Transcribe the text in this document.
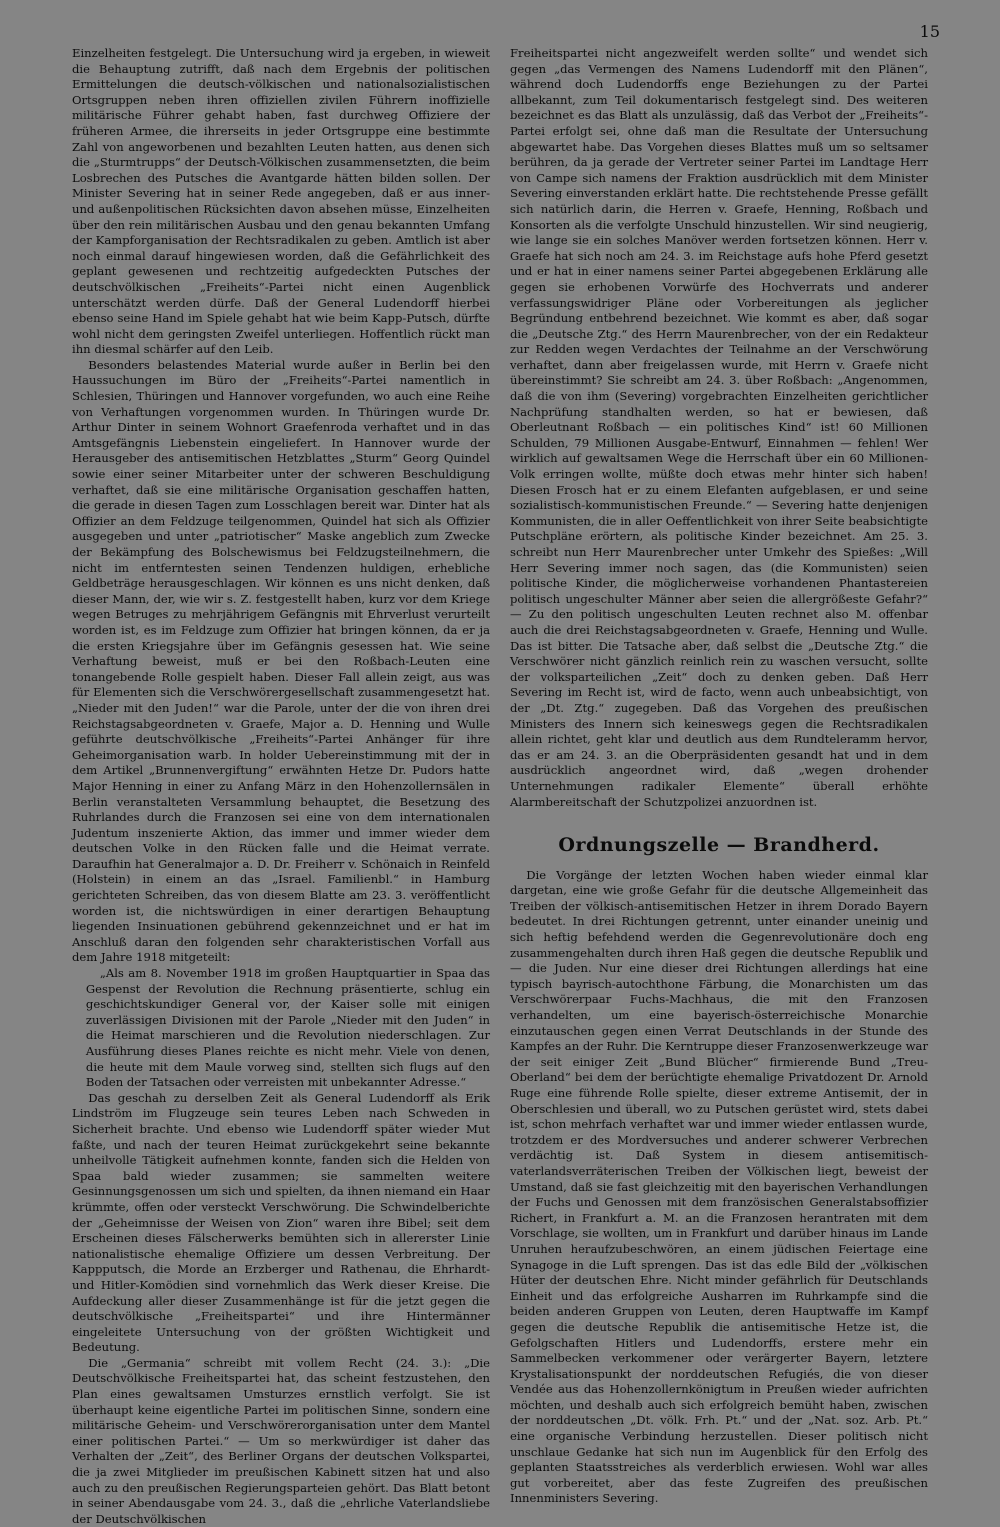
15

Einzelheiten festgelegt. Die Untersuchung wird ja ergeben, in wieweit die Behauptung zutrifft, daß nach dem Ergebnis der politischen Ermittelungen die deutsch-völkischen und nationalsozialistischen Ortsgruppen neben ihren offiziellen zivilen Führern inoffizielle militärische Führer gehabt haben, fast durchweg Offiziere der früheren Armee, die ihrerseits in jeder Ortsgruppe eine bestimmte Zahl von angeworbenen und bezahlten Leuten hatten, aus denen sich die „Sturmtrupps“ der Deutsch-Völkischen zusammensetzten, die beim Losbrechen des Putsches die Avantgarde hätten bilden sollen. Der Minister Severing hat in seiner Rede angegeben, daß er aus inner- und außenpolitischen Rücksichten davon absehen müsse, Einzelheiten über den rein militärischen Ausbau und den genau bekannten Umfang der Kampforganisation der Rechtsradikalen zu geben. Amtlich ist aber noch einmal darauf hingewiesen worden, daß die Gefährlichkeit des geplant gewesenen und rechtzeitig aufgedeckten Putsches der deutschvölkischen „Freiheits“-Partei nicht einen Augenblick unterschätzt werden dürfe. Daß der General Ludendorff hierbei ebenso seine Hand im Spiele gehabt hat wie beim Kapp-Putsch, dürfte wohl nicht dem geringsten Zweifel unterliegen. Hoffentlich rückt man ihn diesmal schärfer auf den Leib.

Besonders belastendes Material wurde außer in Berlin bei den Haussuchungen im Büro der „Freiheits“-Partei namentlich in Schlesien, Thüringen und Hannover vorgefunden, wo auch eine Reihe von Verhaftungen vorgenommen wurden. In Thüringen wurde Dr. Arthur Dinter in seinem Wohnort Graefenroda verhaftet und in das Amtsgefängnis Liebenstein eingeliefert. In Hannover wurde der Herausgeber des antisemitischen Hetzblattes „Sturm“ Georg Quindel sowie einer seiner Mitarbeiter unter der schweren Beschuldigung verhaftet, daß sie eine militärische Organisation geschaffen hatten, die gerade in diesen Tagen zum Losschlagen bereit war. Dinter hat als Offizier an dem Feldzuge teilgenommen, Quindel hat sich als Offizier ausgegeben und unter „patriotischer“ Maske angeblich zum Zwecke der Bekämpfung des Bolschewismus bei Feldzugsteilnehmern, die nicht im entferntesten seinen Tendenzen huldigen, erhebliche Geldbeträge herausgeschlagen. Wir können es uns nicht denken, daß dieser Mann, der, wie wir s. Z. festgestellt haben, kurz vor dem Kriege wegen Betruges zu mehrjährigem Gefängnis mit Ehrverlust verurteilt worden ist, es im Feldzuge zum Offizier hat bringen können, da er ja die ersten Kriegsjahre über im Gefängnis gesessen hat. Wie seine Verhaftung beweist, muß er bei den Roßbach-Leuten eine tonangebende Rolle gespielt haben. Dieser Fall allein zeigt, aus was für Elementen sich die Verschwörergesellschaft zusammengesetzt hat. „Nieder mit den Juden!“ war die Parole, unter der die von ihren drei Reichstagsabgeordneten v. Graefe, Major a. D. Henning und Wulle geführte deutschvölkische „Freiheits“-Partei Anhänger für ihre Geheimorganisation warb. In holder Uebereinstimmung mit der in dem Artikel „Brunnenvergiftung“ erwähnten Hetze Dr. Pudors hatte Major Henning in einer zu Anfang März in den Hohenzollernsälen in Berlin veranstalteten Versammlung behauptet, die Besetzung des Ruhrlandes durch die Franzosen sei eine von dem internationalen Judentum inszenierte Aktion, das immer und immer wieder dem deutschen Volke in den Rücken falle und die Heimat verrate. Daraufhin hat Generalmajor a. D. Dr. Freiherr v. Schönaich in Reinfeld (Holstein) in einem an das „Israel. Familienbl.“ in Hamburg gerichteten Schreiben, das von diesem Blatte am 23. 3. veröffentlicht worden ist, die nichtswürdigen in einer derartigen Behauptung liegenden Insinuationen gebührend gekennzeichnet und er hat im Anschluß daran den folgenden sehr charakteristischen Vorfall aus dem Jahre 1918 mitgeteilt:

„Als am 8. November 1918 im großen Hauptquartier in Spaa das Gespenst der Revolution die Rechnung präsentierte, schlug ein geschichtskundiger General vor, der Kaiser solle mit einigen zuverlässigen Divisionen mit der Parole „Nieder mit den Juden“ in die Heimat marschieren und die Revolution niederschlagen. Zur Ausführung dieses Planes reichte es nicht mehr. Viele von denen, die heute mit dem Maule vorweg sind, stellten sich flugs auf den Boden der Tatsachen oder verreisten mit unbekannter Adresse.“

Das geschah zu derselben Zeit als General Ludendorff als Erik Lindström im Flugzeuge sein teures Leben nach Schweden in Sicherheit brachte. Und ebenso wie Ludendorff später wieder Mut faßte, und nach der teuren Heimat zurückgekehrt seine bekannte unheilvolle Tätigkeit aufnehmen konnte, fanden sich die Helden von Spaa bald wieder zusammen; sie sammelten weitere Gesinnungsgenossen um sich und spielten, da ihnen niemand ein Haar krümmte, offen oder versteckt Verschwörung. Die Schwindelberichte der „Geheimnisse der Weisen von Zion“ waren ihre Bibel; seit dem Erscheinen dieses Fälscherwerks bemühten sich in allererster Linie nationalistische ehemalige Offiziere um dessen Verbreitung. Der Kappputsch, die Morde an Erzberger und Rathenau, die Ehrhardt- und Hitler-Komödien sind vornehmlich das Werk dieser Kreise. Die Aufdeckung aller dieser Zusammenhänge ist für die jetzt gegen die deutschvölkische „Freiheitspartei“ und ihre Hintermänner eingeleitete Untersuchung von der größten Wichtigkeit und Bedeutung.

Die „Germania“ schreibt mit vollem Recht (24. 3.): „Die Deutschvölkische Freiheitspartei hat, das scheint festzustehen, den Plan eines gewaltsamen Umsturzes ernstlich verfolgt. Sie ist überhaupt keine eigentliche Partei im politischen Sinne, sondern eine militärische Geheim- und Verschwörerorganisation unter dem Mantel einer politischen Partei.“ — Um so merkwürdiger ist daher das Verhalten der „Zeit“, des Berliner Organs der deutschen Volkspartei, die ja zwei Mitglieder im preußischen Kabinett sitzen hat und also auch zu den preußischen Regierungsparteien gehört. Das Blatt betont in seiner Abendausgabe vom 24. 3., daß die „ehrliche Vaterlandsliebe der Deutschvölkischen

Freiheitspartei nicht angezweifelt werden sollte“ und wendet sich gegen „das Vermengen des Namens Ludendorff mit den Plänen“, während doch Ludendorffs enge Beziehungen zu der Partei allbekannt, zum Teil dokumentarisch festgelegt sind. Des weiteren bezeichnet es das Blatt als unzulässig, daß das Verbot der „Freiheits“-Partei erfolgt sei, ohne daß man die Resultate der Untersuchung abgewartet habe. Das Vorgehen dieses Blattes muß um so seltsamer berühren, da ja gerade der Vertreter seiner Partei im Landtage Herr von Campe sich namens der Fraktion ausdrücklich mit dem Minister Severing einverstanden erklärt hatte. Die rechtstehende Presse gefällt sich natürlich darin, die Herren v. Graefe, Henning, Roßbach und Konsorten als die verfolgte Unschuld hinzustellen. Wir sind neugierig, wie lange sie ein solches Manöver werden fortsetzen können. Herr v. Graefe hat sich noch am 24. 3. im Reichstage aufs hohe Pferd gesetzt und er hat in einer namens seiner Partei abgegebenen Erklärung alle gegen sie erhobenen Vorwürfe des Hochverrats und anderer verfassungswidriger Pläne oder Vorbereitungen als jeglicher Begründung entbehrend bezeichnet. Wie kommt es aber, daß sogar die „Deutsche Ztg.“ des Herrn Maurenbrecher, von der ein Redakteur zur Redden wegen Verdachtes der Teilnahme an der Verschwörung verhaftet, dann aber freigelassen wurde, mit Herrn v. Graefe nicht übereinstimmt? Sie schreibt am 24. 3. über Roßbach: „Angenommen, daß die von ihm (Severing) vorgebrachten Einzelheiten gerichtlicher Nachprüfung standhalten werden, so hat er bewiesen, daß Oberleutnant Roßbach — ein politisches Kind“ ist! 60 Millionen Schulden, 79 Millionen Ausgabe-Entwurf, Einnahmen — fehlen! Wer wirklich auf gewaltsamen Wege die Herrschaft über ein 60 Millionen-Volk erringen wollte, müßte doch etwas mehr hinter sich haben! Diesen Frosch hat er zu einem Elefanten aufgeblasen, er und seine sozialistisch-kommunistischen Freunde.“ — Severing hatte denjenigen Kommunisten, die in aller Oeffentlichkeit von ihrer Seite beabsichtigte Putschpläne erörtern, als politische Kinder bezeichnet. Am 25. 3. schreibt nun Herr Maurenbrecher unter Umkehr des Spießes: „Will Herr Severing immer noch sagen, das (die Kommunisten) seien politische Kinder, die möglicherweise vorhandenen Phantastereien politisch ungeschulter Männer aber seien die allergrößeste Gefahr?“ — Zu den politisch ungeschulten Leuten rechnet also M. offenbar auch die drei Reichstagsabgeordneten v. Graefe, Henning und Wulle. Das ist bitter. Die Tatsache aber, daß selbst die „Deutsche Ztg.“ die Verschwörer nicht gänzlich reinlich rein zu waschen versucht, sollte der volksparteilichen „Zeit“ doch zu denken geben. Daß Herr Severing im Recht ist, wird de facto, wenn auch unbeabsichtigt, von der „Dt. Ztg.“ zugegeben. Daß das Vorgehen des preußischen Ministers des Innern sich keineswegs gegen die Rechtsradikalen allein richtet, geht klar und deutlich aus dem Rundteleramm hervor, das er am 24. 3. an die Oberpräsidenten gesandt hat und in dem ausdrücklich angeordnet wird, daß „wegen drohender Unternehmungen radikaler Elemente“ überall erhöhte Alarmbereitschaft der Schutzpolizei anzuordnen ist.

Ordnungszelle — Brandherd.

Die Vorgänge der letzten Wochen haben wieder einmal klar dargetan, eine wie große Gefahr für die deutsche Allgemeinheit das Treiben der völkisch-antisemitischen Hetzer in ihrem Dorado Bayern bedeutet. In drei Richtungen getrennt, unter einander uneinig und sich heftig befehdend werden die Gegenrevolutionäre doch eng zusammengehalten durch ihren Haß gegen die deutsche Republik und — die Juden. Nur eine dieser drei Richtungen allerdings hat eine typisch bayrisch-autochthone Färbung, die Monarchisten um das Verschwörerpaar Fuchs-Machhaus, die mit den Franzosen verhandelten, um eine bayerisch-österreichische Monarchie einzutauschen gegen einen Verrat Deutschlands in der Stunde des Kampfes an der Ruhr. Die Kerntruppe dieser Franzosenwerkzeuge war der seit einiger Zeit „Bund Blücher“ firmierende Bund „Treu-Oberland“ bei dem der berüchtigte ehemalige Privatdozent Dr. Arnold Ruge eine führende Rolle spielte, dieser extreme Antisemit, der in Oberschlesien und überall, wo zu Putschen gerüstet wird, stets dabei ist, schon mehrfach verhaftet war und immer wieder entlassen wurde, trotzdem er des Mordversuches und anderer schwerer Verbrechen verdächtig ist. Daß System in diesem antisemitisch-vaterlandsverräterischen Treiben der Völkischen liegt, beweist der Umstand, daß sie fast gleichzeitig mit den bayerischen Verhandlungen der Fuchs und Genossen mit dem französischen Generalstabsoffizier Richert, in Frankfurt a. M. an die Franzosen herantraten mit dem Vorschlage, sie wollten, um in Frankfurt und darüber hinaus im Lande Unruhen heraufzubeschwören, an einem jüdischen Feiertage eine Synagoge in die Luft sprengen. Das ist das edle Bild der „völkischen Hüter der deutschen Ehre. Nicht minder gefährlich für Deutschlands Einheit und das erfolgreiche Ausharren im Ruhrkampfe sind die beiden anderen Gruppen von Leuten, deren Hauptwaffe im Kampf gegen die deutsche Republik die antisemitische Hetze ist, die Gefolgschaften Hitlers und Ludendorffs, erstere mehr ein Sammelbecken verkommener oder verärgerter Bayern, letztere Krystalisationspunkt der norddeutschen Refugiés, die von dieser Vendée aus das Hohenzollernkönigtum in Preußen wieder aufrichten möchten, und deshalb auch sich erfolgreich bemüht haben, zwischen der norddeutschen „Dt. völk. Frh. Pt.“ und der „Nat. soz. Arb. Pt.“ eine organische Verbindung herzustellen. Dieser politisch nicht unschlaue Gedanke hat sich nun im Augenblick für den Erfolg des geplanten Staatsstreiches als verderblich erwiesen. Wohl war alles gut vorbereitet, aber das feste Zugreifen des preußischen Innenministers Severing.
